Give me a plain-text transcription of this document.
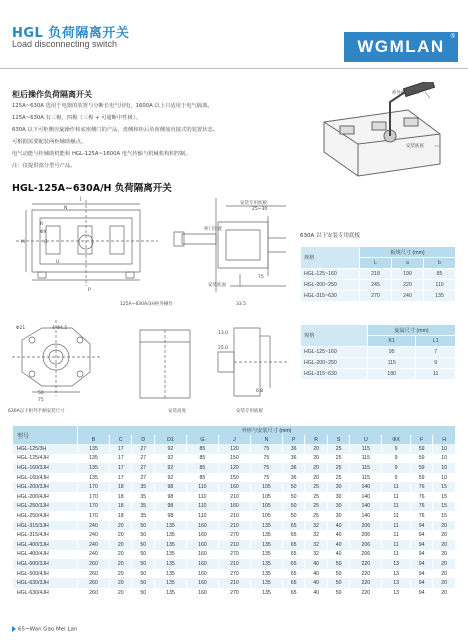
HGL 负荷隔离开关
Load disconnecting switch	WGMLAN ®
柜后操作负荷隔离开关
125A~630A 选用于电器的装置与分断长电气用电，1600A 以上只适用于电气隔离。
125A~630A 有三极，四极（三极 + 可通断中性极）。
630A 以下可柜侧旁旋操作和底座侧门的产品，盘侧和柜后负荷侧加直接式的装置状态。
可根据需要配装两柜辅助触点。
电气动能与柜辅助机能和 HGL-125A~1600A 电气传输与机械机构积控制。
注：仅提供部分型号产品。
柜外操作手柄
安装底座
HGL-125A~630A/H 负荷隔离开关
J
N
R
ΦX
M	G
U
P
安装专用底板
25~30
柜门位置
安装底面
33.5
75
125A~630A/3H柜外操作
630A 以下安装专用底板
规格	板规尺寸 (mm)		
	L	a	b
HGL-125~160	218	190	85
HGL-200~250	245	220	110
HGL-315~630	270	240	135
Φ21	4-Φ4.5
50
75
630A以下柜外手柄安装尺寸	安装高度
13.0
25.0
6.8
安装专用底板
规格	旋属尺寸 (mm)	
	K1	L1
HGL-125~160	95	7
HGL-200~250	115	9
HGL-315~630	180	11
型号	外形与安装尺寸 (mm)													
	B	C	D	D1	G	J	N	P	R	S	U	ΦX	F	H
HGL-125/3H	135	17	27	92	85	120	75	36	20	25	115	9	59	10
HGL-125/4JH	135	17	27	92	85	150	75	36	20	25	115	9	59	10
HGL-160/3JH	135	17	27	92	85	120	75	36	20	25	115	9	59	10
HGL-160/4JH	135	17	27	92	85	150	75	36	20	25	115	9	59	10
HGL-200/3JH	170	18	35	98	110	160	105	50	25	30	140	11	76	15
HGL-200/4JH	170	18	35	98	110	210	105	50	25	30	140	11	76	15
HGL-250/3JH	170	18	35	98	110	160	105	50	25	30	140	11	76	15
HGL-250/4JH	170	18	35	98	110	210	105	50	25	30	140	11	76	15
HGL-315/3JH	240	20	50	135	160	210	135	65	32	40	206	11	94	20
HGL-315/4JH	240	20	50	135	160	270	135	65	32	40	206	11	94	20
HGL-400/3JH	240	20	50	135	160	210	135	65	32	40	206	11	94	20
HGL-400/4JH	240	20	50	135	160	270	135	65	32	40	206	11	94	20
HGL-500/3JH	260	20	50	135	160	210	135	65	40	50	220	13	94	20
HGL-500/4JH	260	20	50	135	160	270	135	65	40	50	220	13	94	20
HGL-630/3JH	260	20	50	135	160	210	135	65	40	50	220	13	94	20
HGL-630/4JH	260	20	50	135	160	270	135	65	40	50	220	13	94	20
65~Wan Gao Mei Lan
